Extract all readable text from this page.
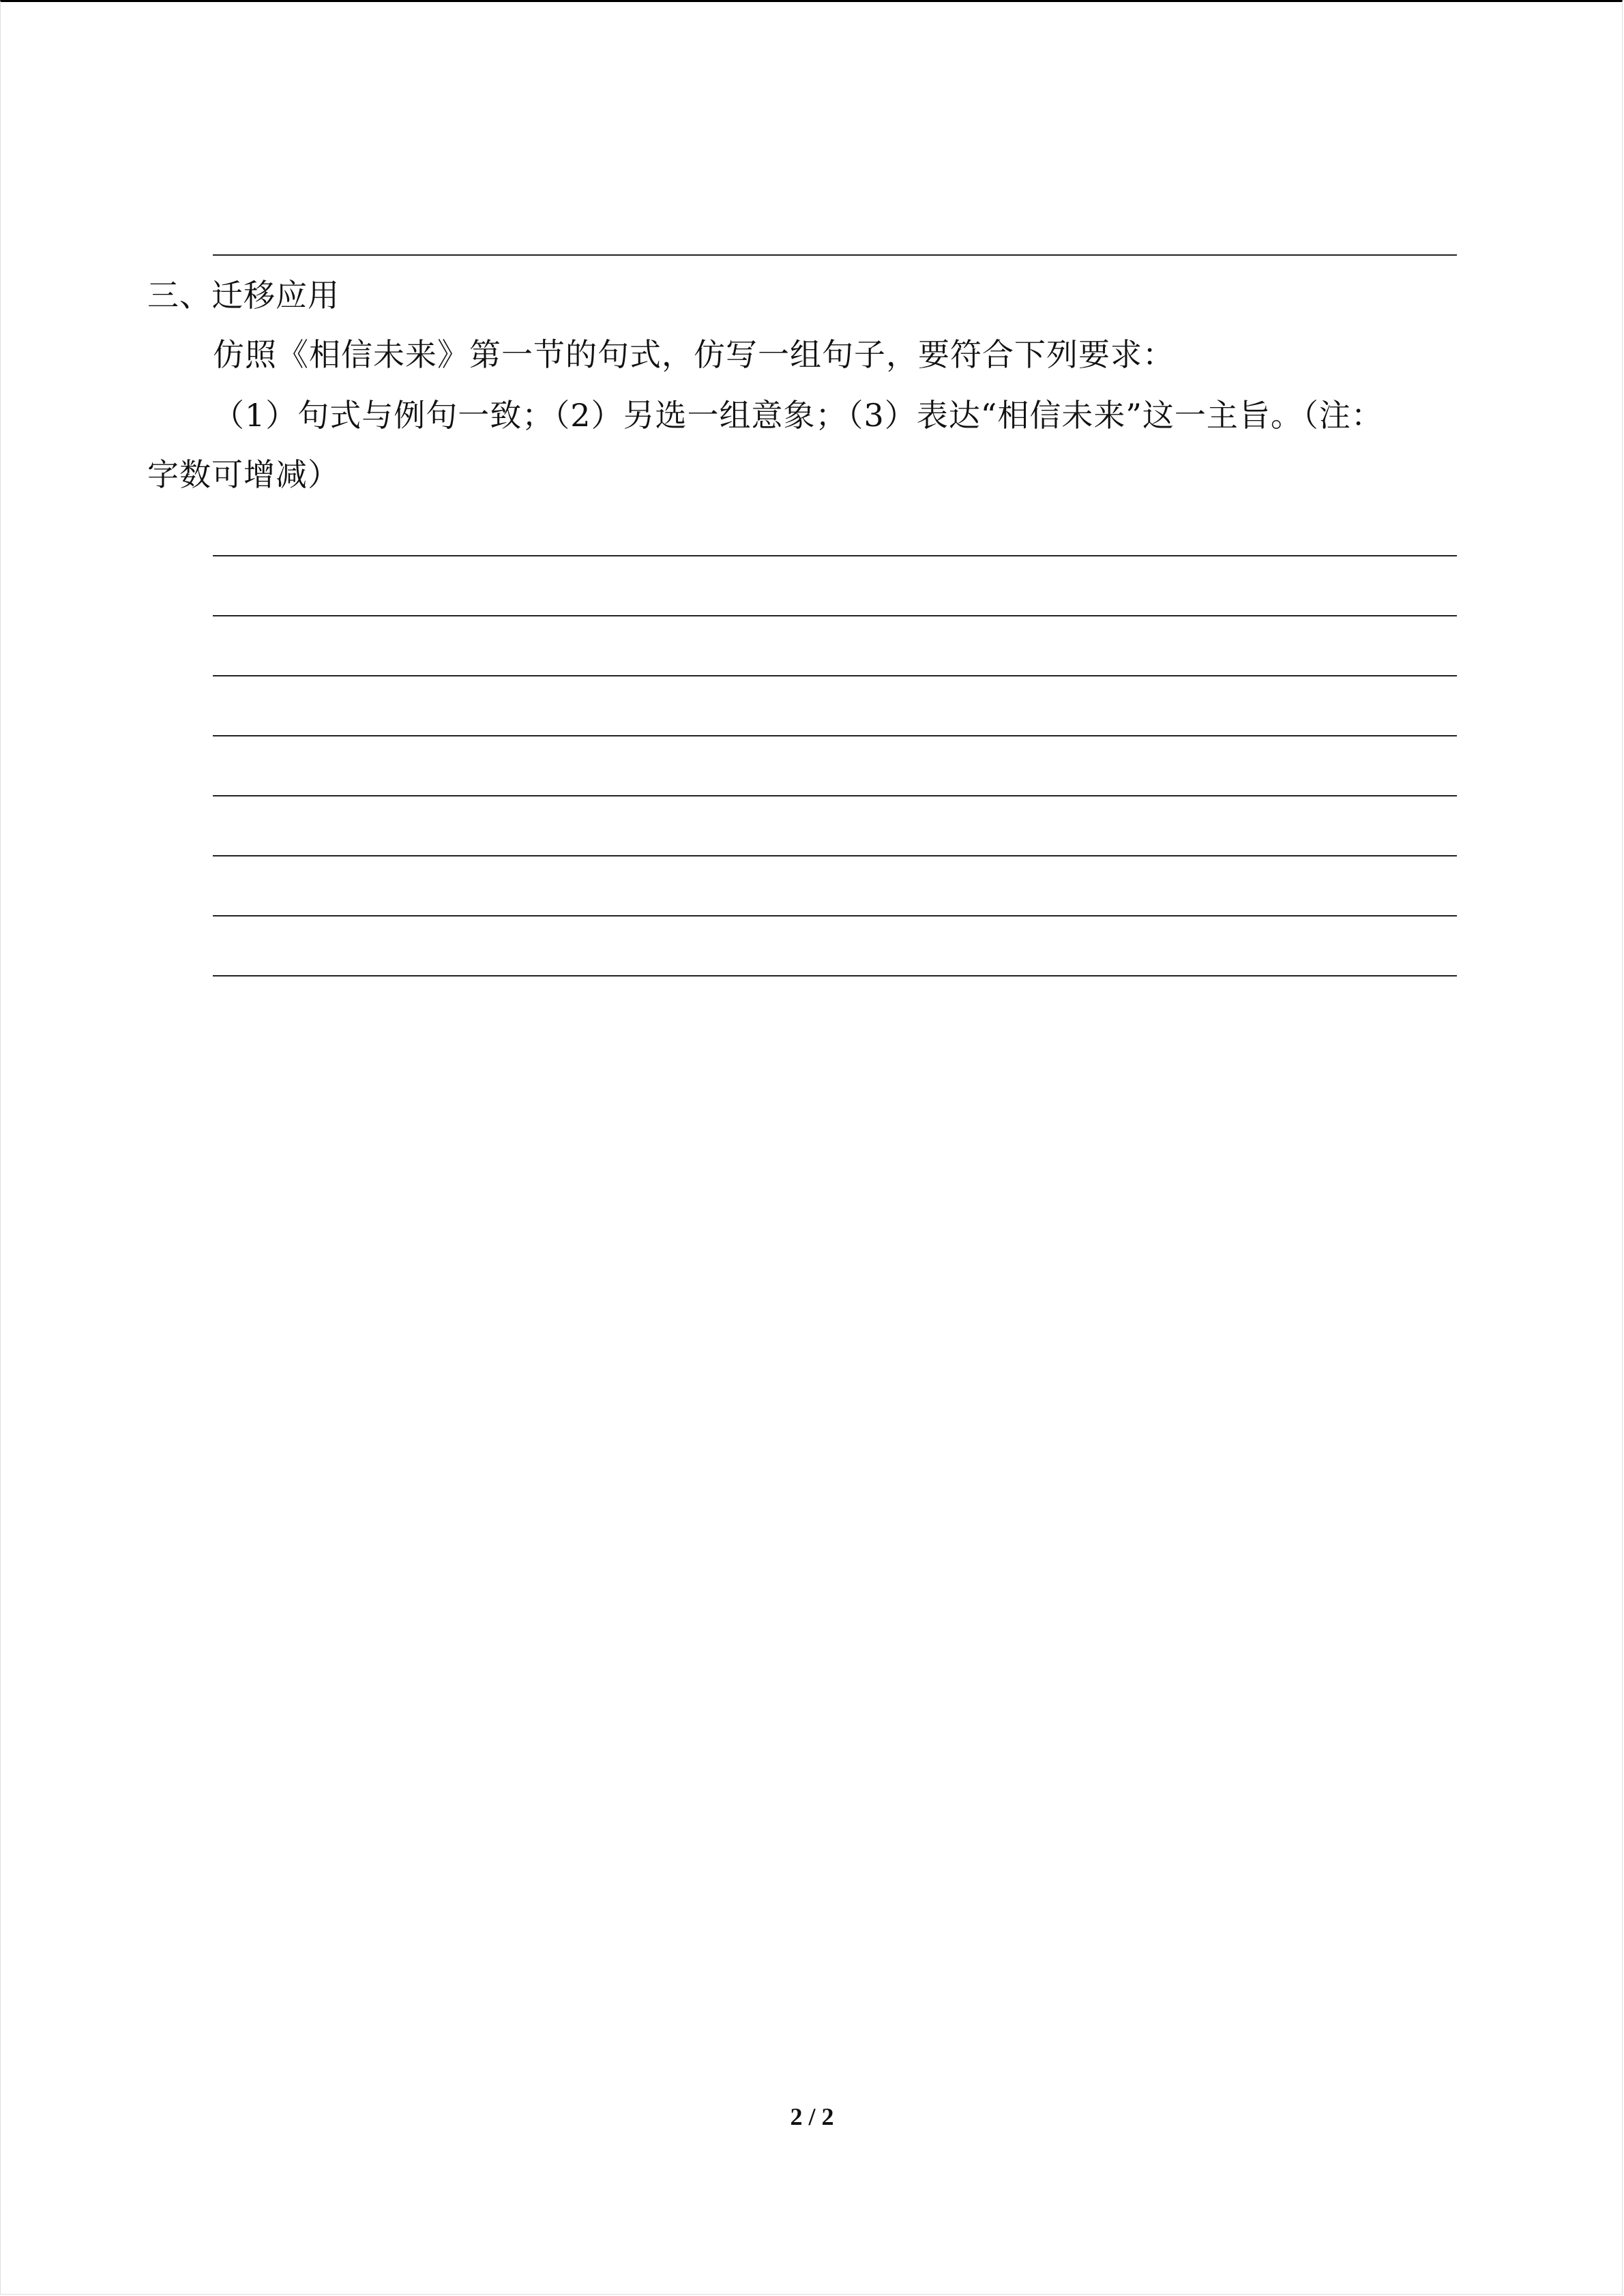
三、迁移应用
仿照《相信未来》第一节的句式，仿写一组句子，要符合下列要求：
（1）句式与例句一致；（2）另选一组意象；（3）表达“相信未来”这一主旨。（注：
字数可增减）
2 / 2
